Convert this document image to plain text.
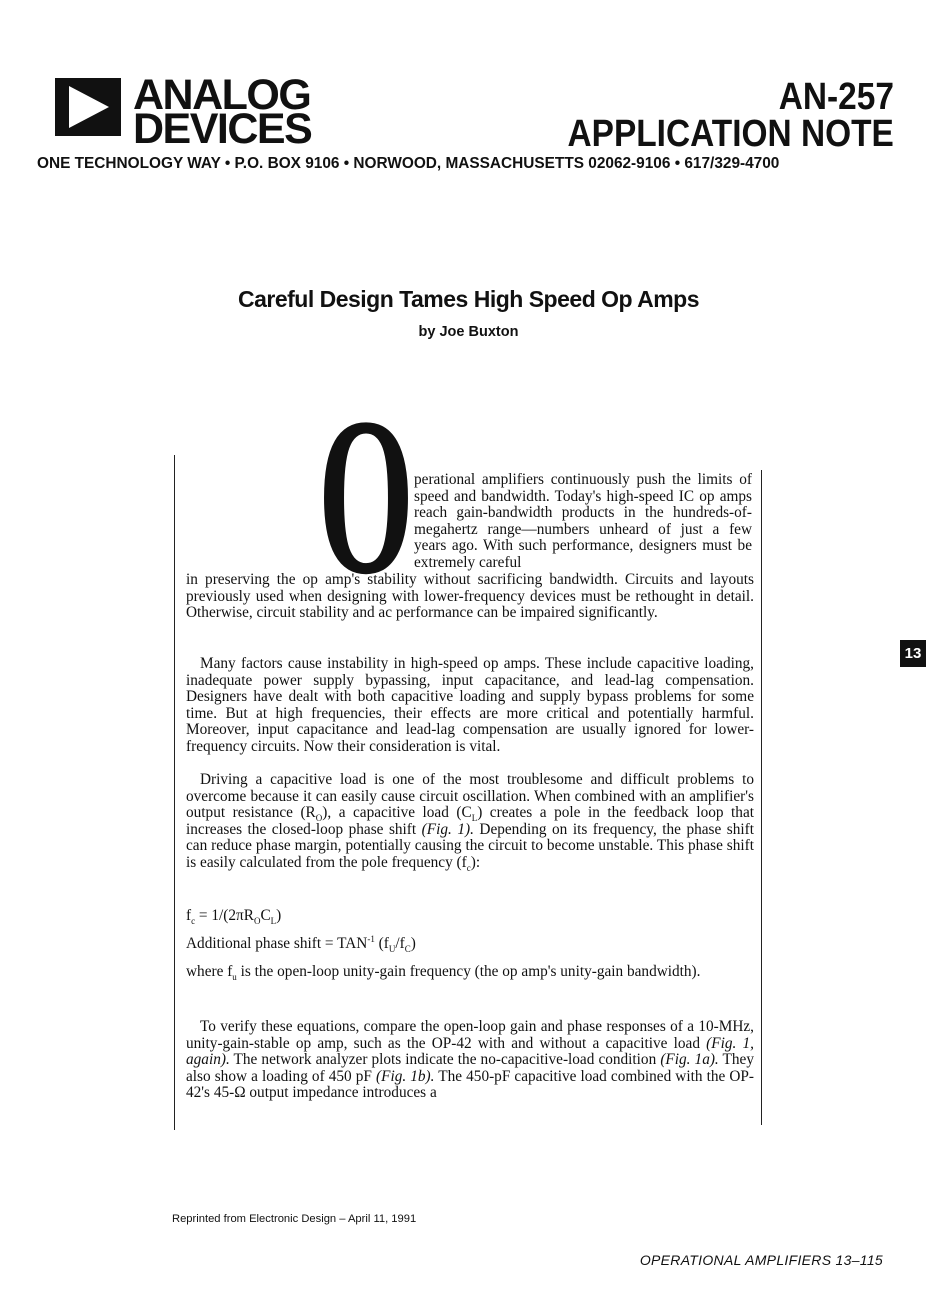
ANALOG
DEVICES
AN-257
APPLICATION NOTE
ONE TECHNOLOGY WAY • P.O. BOX 9106 • NORWOOD, MASSACHUSETTS 02062-9106 • 617/329-4700
Careful Design Tames High Speed Op Amps
by Joe Buxton
O perational amplifiers continuously push the limits of speed and bandwidth. Today's high-speed IC op amps reach gain-bandwidth products in the hundreds-of-megahertz range—numbers unheard of just a few years ago. With such performance, designers must be extremely careful

in preserving the op amp's stability without sacrificing bandwidth. Circuits and layouts previously used when designing with lower-frequency devices must be rethought in detail. Otherwise, circuit stability and ac performance can be impaired significantly.

Many factors cause instability in high-speed op amps. These include capacitive loading, inadequate power supply bypassing, input capacitance, and lead-lag compensation. Designers have dealt with both capacitive loading and supply bypass problems for some time. But at high frequencies, their effects are more critical and potentially harmful. Moreover, input capacitance and lead-lag compensation are usually ignored for lower-frequency circuits. Now their consideration is vital.

Driving a capacitive load is one of the most troublesome and difficult problems to overcome because it can easily cause circuit oscillation. When combined with an amplifier's output resistance $(R_O)$, a capacitive load $(C_L)$ creates a pole in the feedback loop that increases the closed-loop phase shift (Fig. 1). Depending on its frequency, the phase shift can reduce phase margin, potentially causing the circuit to become unstable. This phase shift is easily calculated from the pole frequency $(f_c)$:

$f_c = 1/(2\pi R_OC_L)$
Additional phase shift = $TAN^{-1}$ $(f_U/f_C)$
where $f_u$ is the open-loop unity-gain frequency (the op amp's unity-gain bandwidth).

To verify these equations, compare the open-loop gain and phase responses of a 10-MHz, unity-gain-stable op amp, such as the OP-42 with and without a capacitive load (Fig. 1, again). The network analyzer plots indicate the no-capacitive-load condition (Fig. 1a). They also show a loading of 450 pF (Fig. 1b). The 450-pF capacitive load combined with the OP-42's 45-Ω output impedance introduces a

13
Reprinted from Electronic Design – April 11, 1991
OPERATIONAL AMPLIFIERS 13–115
